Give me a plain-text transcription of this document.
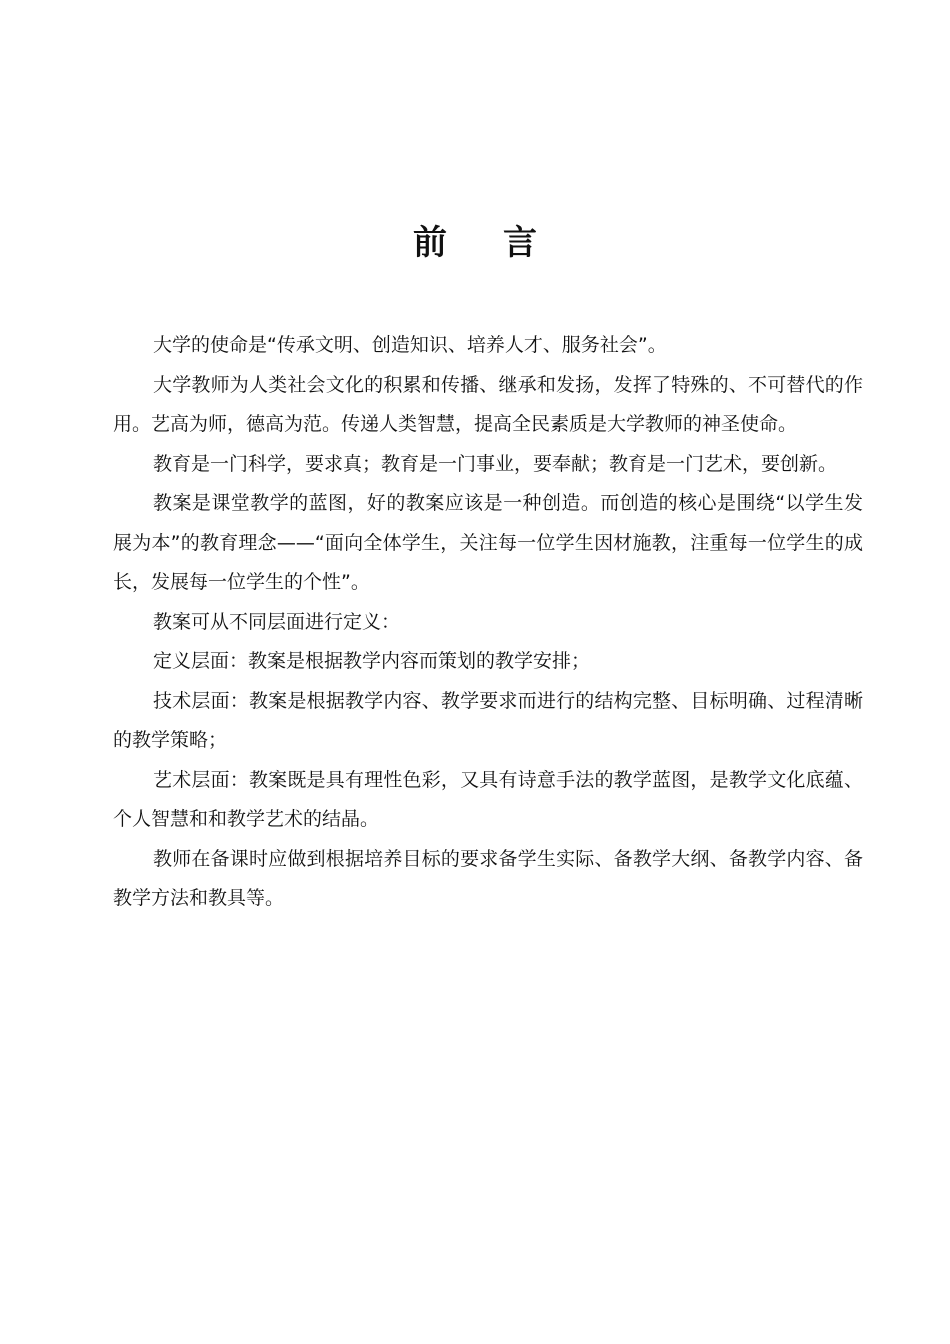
前言

大学的使命是“传承文明、创造知识、培养人才、服务社会”。

大学教师为人类社会文化的积累和传播、继承和发扬，发挥了特殊的、不可替代的作用。艺高为师，德高为范。传递人类智慧，提高全民素质是大学教师的神圣使命。

教育是一门科学，要求真；教育是一门事业，要奉献；教育是一门艺术，要创新。

教案是课堂教学的蓝图，好的教案应该是一种创造。而创造的核心是围绕“以学生发展为本”的教育理念——“面向全体学生，关注每一位学生因材施教，注重每一位学生的成长，发展每一位学生的个性”。

教案可从不同层面进行定义：

定义层面：教案是根据教学内容而策划的教学安排；

技术层面：教案是根据教学内容、教学要求而进行的结构完整、目标明确、过程清晰的教学策略；

艺术层面：教案既是具有理性色彩，又具有诗意手法的教学蓝图，是教学文化底蕴、个人智慧和和教学艺术的结晶。

教师在备课时应做到根据培养目标的要求备学生实际、备教学大纲、备教学内容、备教学方法和教具等。
